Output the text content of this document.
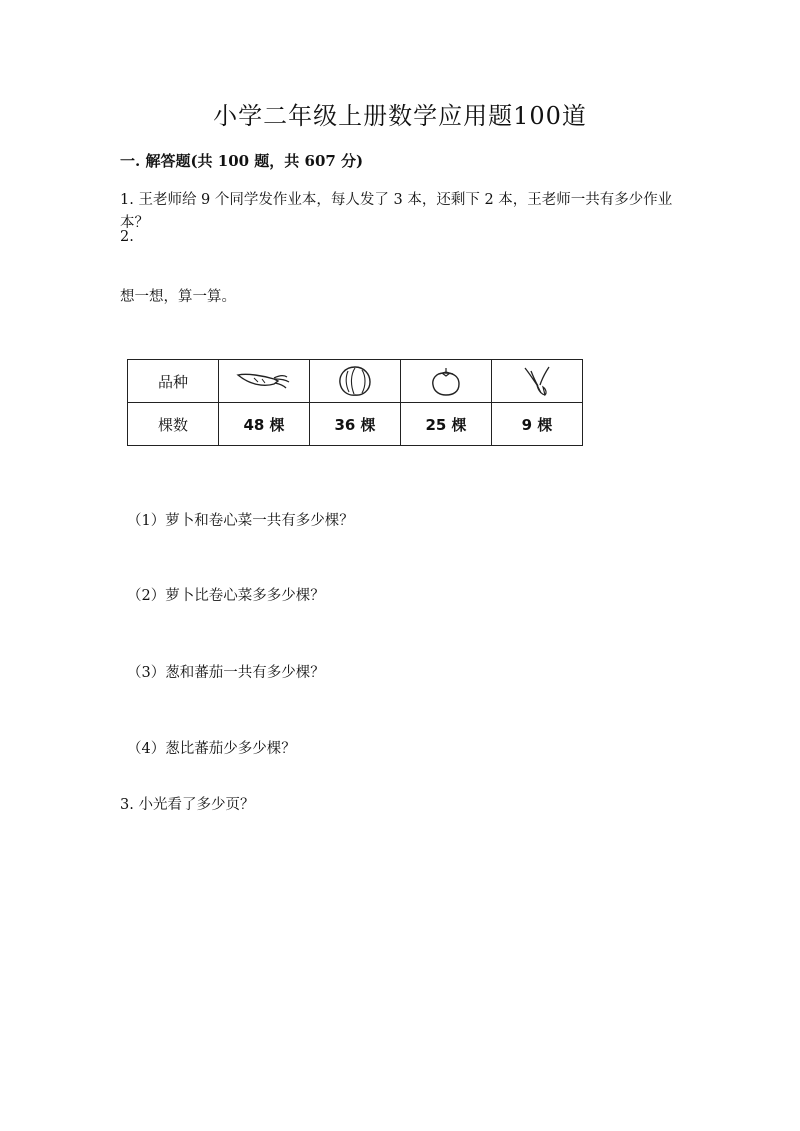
小学二年级上册数学应用题100道
一. 解答题(共 100 题，共 607 分)
1. 王老师给 9 个同学发作业本，每人发了 3 本，还剩下 2 本，王老师一共有多少作业本？
2.
想一想，算一算。
品种	

棵数	48 棵	36 棵	25 棵	9 棵
（1）萝卜和卷心菜一共有多少棵？
（2）萝卜比卷心菜多多少棵？
（3）葱和蕃茄一共有多少棵？
（4）葱比蕃茄少多少棵？
3. 小光看了多少页？
